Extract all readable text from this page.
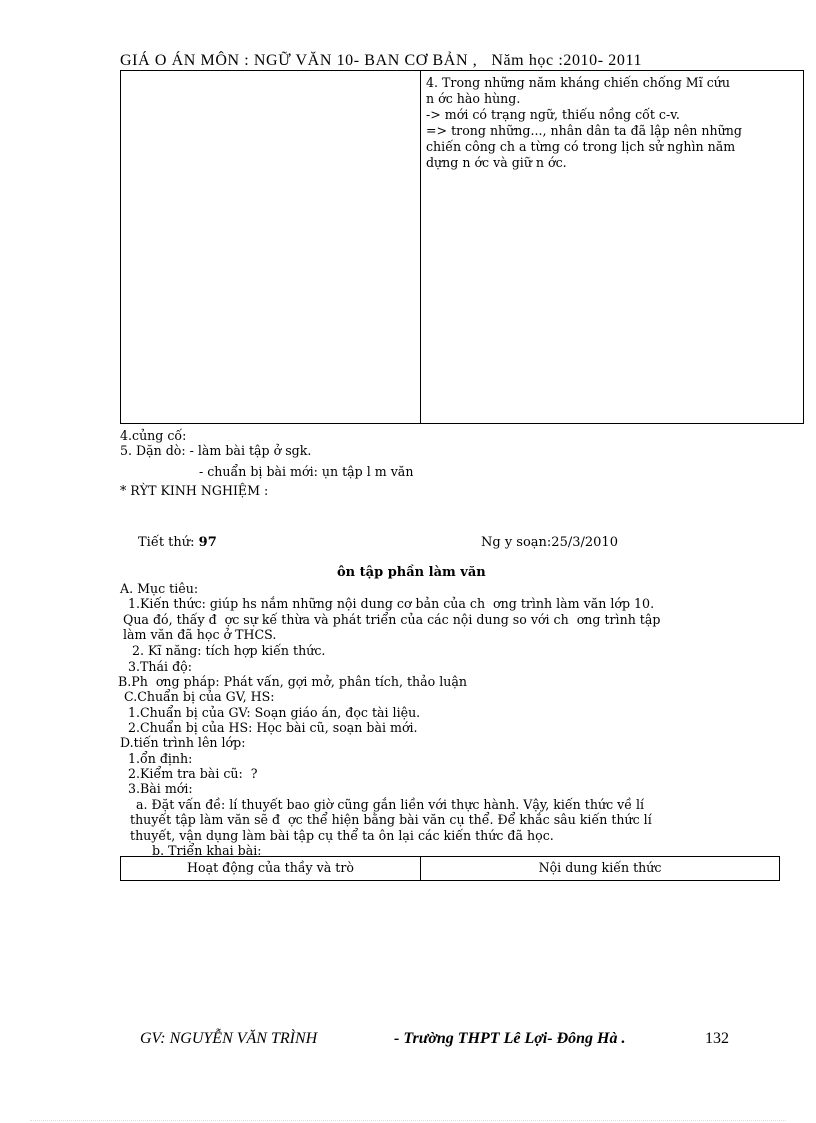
GIÁ O ÁN MÔN : NGỮ VĂN 10- BAN CƠ BẢN , Năm học :2010- 2011
4. Trong những năm kháng chiến chống Mĩ cứu
n ớc hào hùng.
-> mới có trạng ngữ, thiếu nồng cốt c-v.
=> trong những..., nhân dân ta đã lập nên những
chiến công ch a từng có trong lịch sử nghìn năm
dựng n ớc và giữ n ớc.
4.củng cố:
5. Dặn dò: - làm bài tập ở sgk.
- chuẩn bị bài mới: ụn tập l m văn
* RỲT KINH NGHIỆM :
Tiết thứ: 97	Ng y soạn:25/3/2010
ôn tập phần làm văn
A. Mục tiêu:
1.Kiến thức: giúp hs nắm những nội dung cơ bản của ch  ơng trình làm văn lớp 10.
Qua đó, thấy đ  ợc sự kế thừa và phát triển của các nội dung so với ch  ơng trình tập
làm văn đã học ở THCS.
2. Kĩ năng: tích hợp kiến thức.
3.Thái độ:
B.Ph  ơng pháp: Phát vấn, gợi mở, phân tích, thảo luận
C.Chuẩn bị của GV, HS:
1.Chuẩn bị của GV: Soạn giáo án, đọc tài liệu.
2.Chuẩn bị của HS: Học bài cũ, soạn bài mới.
D.tiến trình lên lớp:
1.ổn định:
2.Kiểm tra bài cũ:  ?
3.Bài mới:
a. Đặt vấn đề: lí thuyết bao giờ cũng gắn liền với thực hành. Vậy, kiến thức về lí
thuyết tập làm văn sẽ đ  ợc thể hiện bằng bài văn cụ thể. Để khắc sâu kiến thức lí
thuyết, vận dụng làm bài tập cụ thể ta ôn lại các kiến thức đã học.
b. Triển khai bài:
Hoạt động của thầy và trò	Nội dung kiến thức
GV: NGUYỄN VĂN TRÌNH	- Trường THPT Lê Lợi- Đông Hà .	132
